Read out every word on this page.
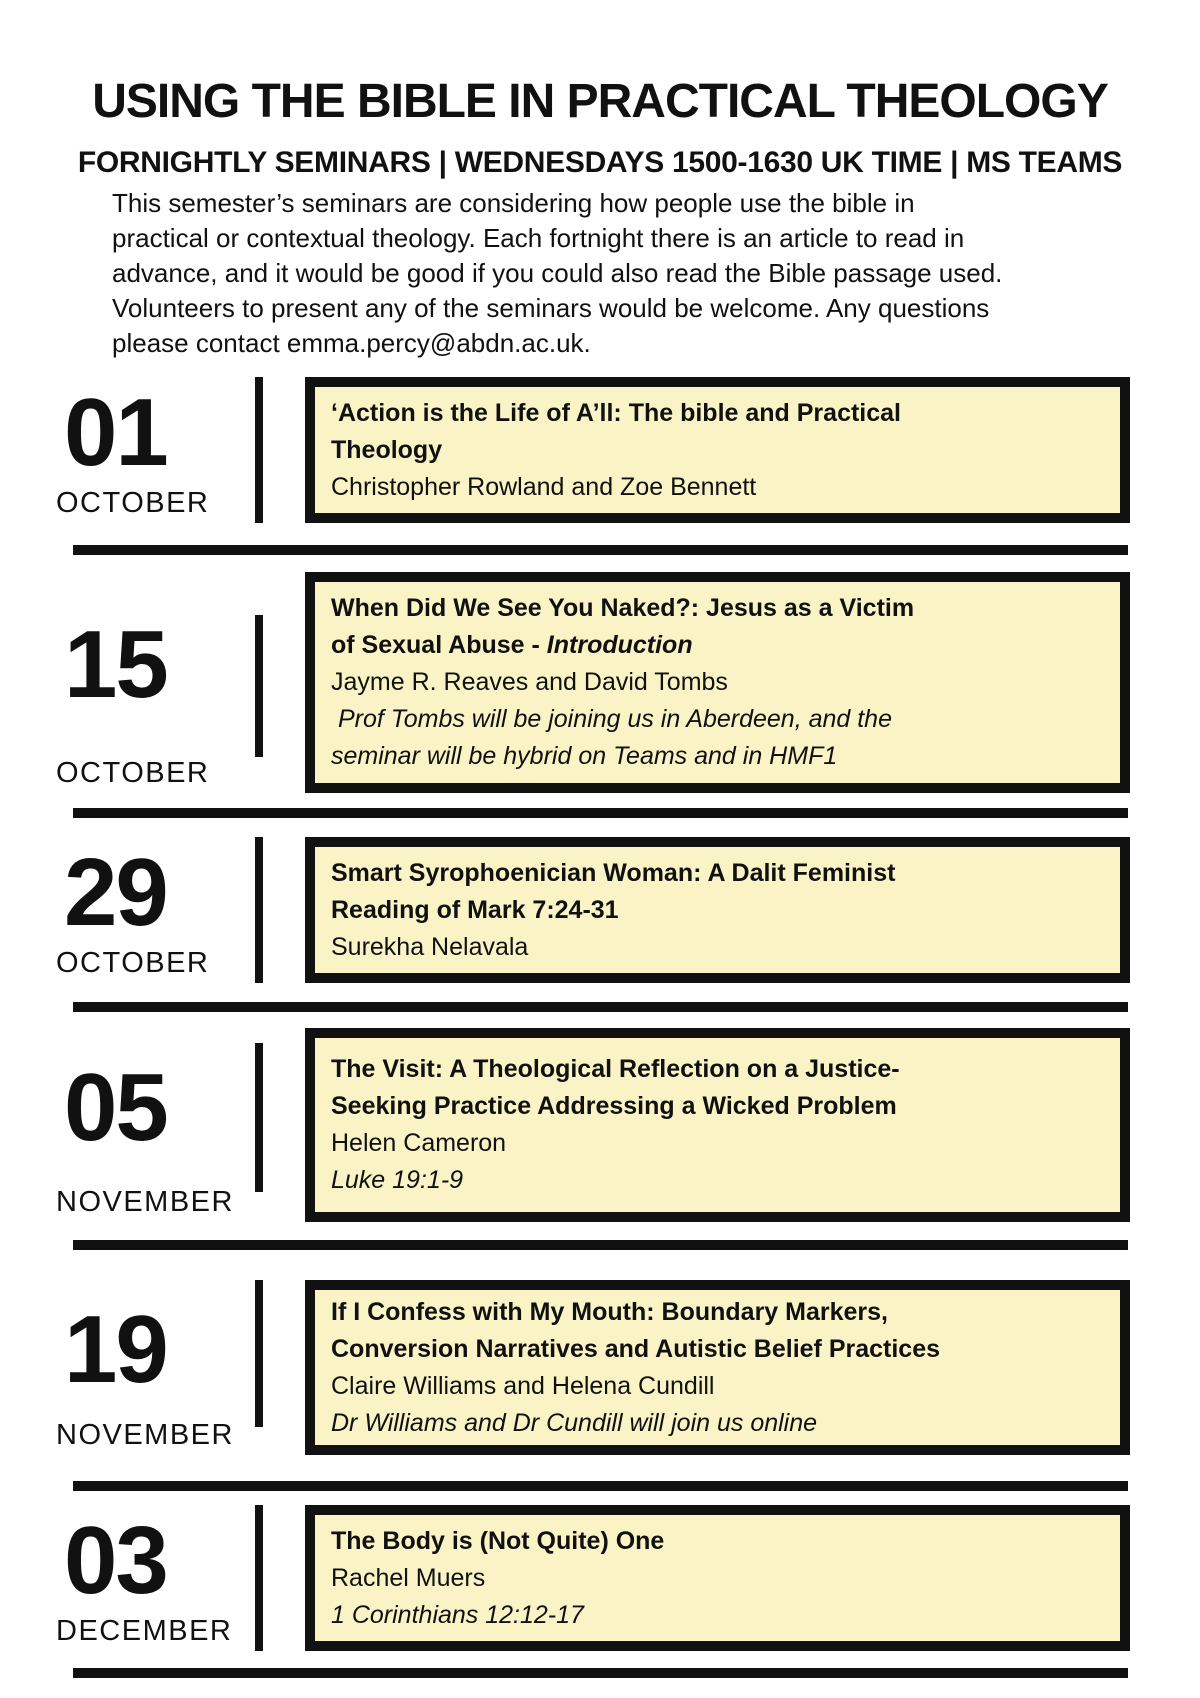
USING THE BIBLE IN PRACTICAL THEOLOGY
FORNIGHTLY SEMINARS | WEDNESDAYS 1500-1630 UK TIME | MS TEAMS
This semester’s seminars are considering how people use the bible in
practical or contextual theology. Each fortnight there is an article to read in
advance, and it would be good if you could also read the Bible passage used.
Volunteers to present any of the seminars would be welcome. Any questions
please contact emma.percy@abdn.ac.uk.
01
OCTOBER
‘Action is the Life of A’ll: The bible and Practical
Theology
Christopher Rowland and Zoe Bennett
15
OCTOBER
When Did We See You Naked?: Jesus as a Victim
of Sexual Abuse - Introduction
Jayme R. Reaves and David Tombs
Prof Tombs will be joining us in Aberdeen, and the
seminar will be hybrid on Teams and in HMF1
29
OCTOBER
Smart Syrophoenician Woman: A Dalit Feminist
Reading of Mark 7:24-31
Surekha Nelavala
05
NOVEMBER
The Visit: A Theological Reflection on a Justice-
Seeking Practice Addressing a Wicked Problem
Helen Cameron
Luke 19:1-9
19
NOVEMBER
If I Confess with My Mouth: Boundary Markers,
Conversion Narratives and Autistic Belief Practices
Claire Williams and Helena Cundill
Dr Williams and Dr Cundill will join us online
03
DECEMBER
The Body is (Not Quite) One
Rachel Muers
1 Corinthians 12:12-17
